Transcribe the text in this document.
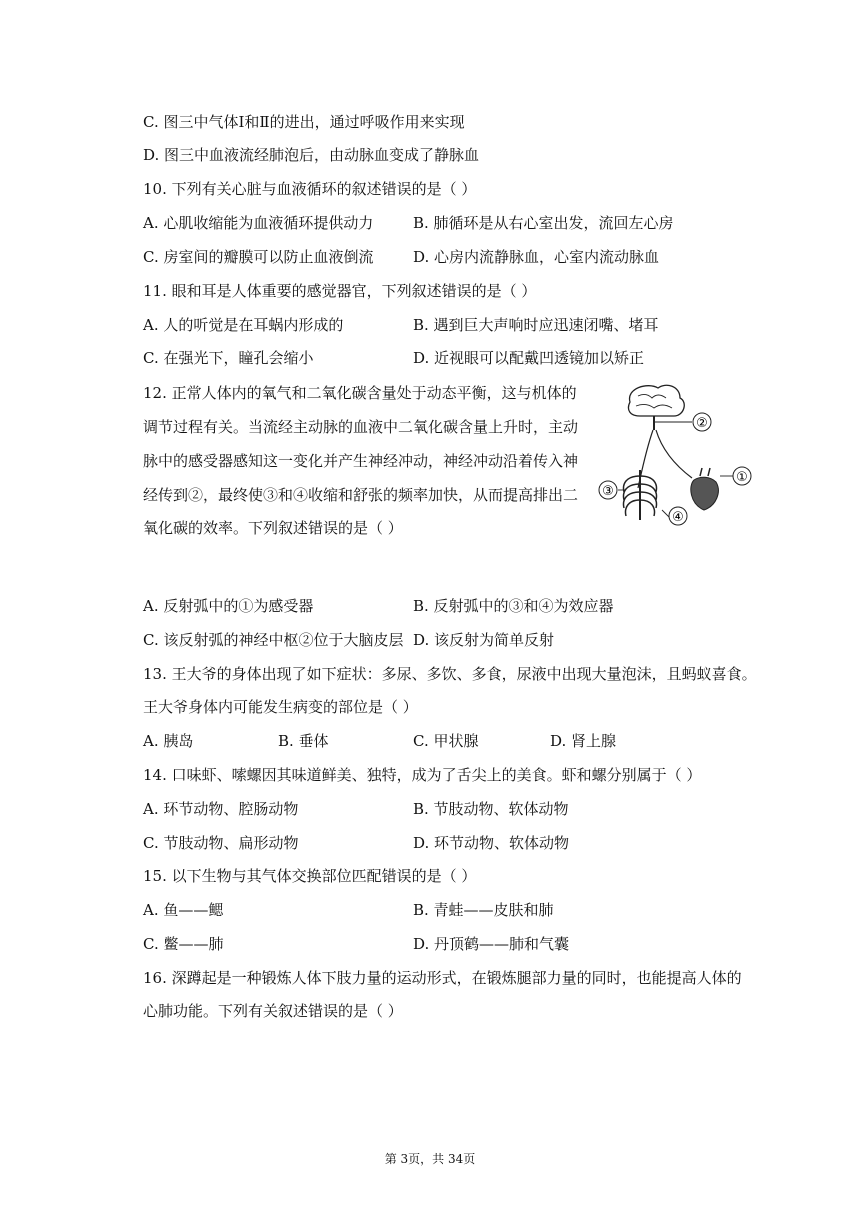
C. 图三中气体Ⅰ和Ⅱ的进出，通过呼吸作用来实现
D. 图三中血液流经肺泡后，由动脉血变成了静脉血
10. 下列有关心脏与血液循环的叙述错误的是（ ）
A. 心肌收缩能为血液循环提供动力	B. 肺循环是从右心室出发，流回左心房
C. 房室间的瓣膜可以防止血液倒流	D. 心房内流静脉血，心室内流动脉血
11. 眼和耳是人体重要的感觉器官，下列叙述错误的是（ ）
A. 人的听觉是在耳蜗内形成的	B. 遇到巨大声响时应迅速闭嘴、堵耳
C. 在强光下，瞳孔会缩小	D. 近视眼可以配戴凹透镜加以矫正
12. 正常人体内的氧气和二氧化碳含量处于动态平衡，这与机体的
调节过程有关。当流经主动脉的血液中二氧化碳含量上升时，主动
脉中的感受器感知这一变化并产生神经冲动，神经冲动沿着传入神
经传到②，最终使③和④收缩和舒张的频率加快，从而提高排出二
氧化碳的效率。下列叙述错误的是（ ）
②
①
③
④
A. 反射弧中的①为感受器	B. 反射弧中的③和④为效应器
C. 该反射弧的神经中枢②位于大脑皮层 D. 该反射为简单反射
13. 王大爷的身体出现了如下症状：多尿、多饮、多食，尿液中出现大量泡沫，且蚂蚁喜食。
王大爷身体内可能发生病变的部位是（ ）
A. 胰岛	B. 垂体	C. 甲状腺	D. 肾上腺
14. 口味虾、嗦螺因其味道鲜美、独特，成为了舌尖上的美食。虾和螺分别属于（ ）
A. 环节动物、腔肠动物	B. 节肢动物、软体动物
C. 节肢动物、扁形动物	D. 环节动物、软体动物
15. 以下生物与其气体交换部位匹配错误的是（ ）
A. 鱼——鳃	B. 青蛙——皮肤和肺
C. 鳖——肺	D. 丹顶鹤——肺和气囊
16. 深蹲起是一种锻炼人体下肢力量的运动形式，在锻炼腿部力量的同时，也能提高人体的
心肺功能。下列有关叙述错误的是（ ）
第 3页，共 34页
